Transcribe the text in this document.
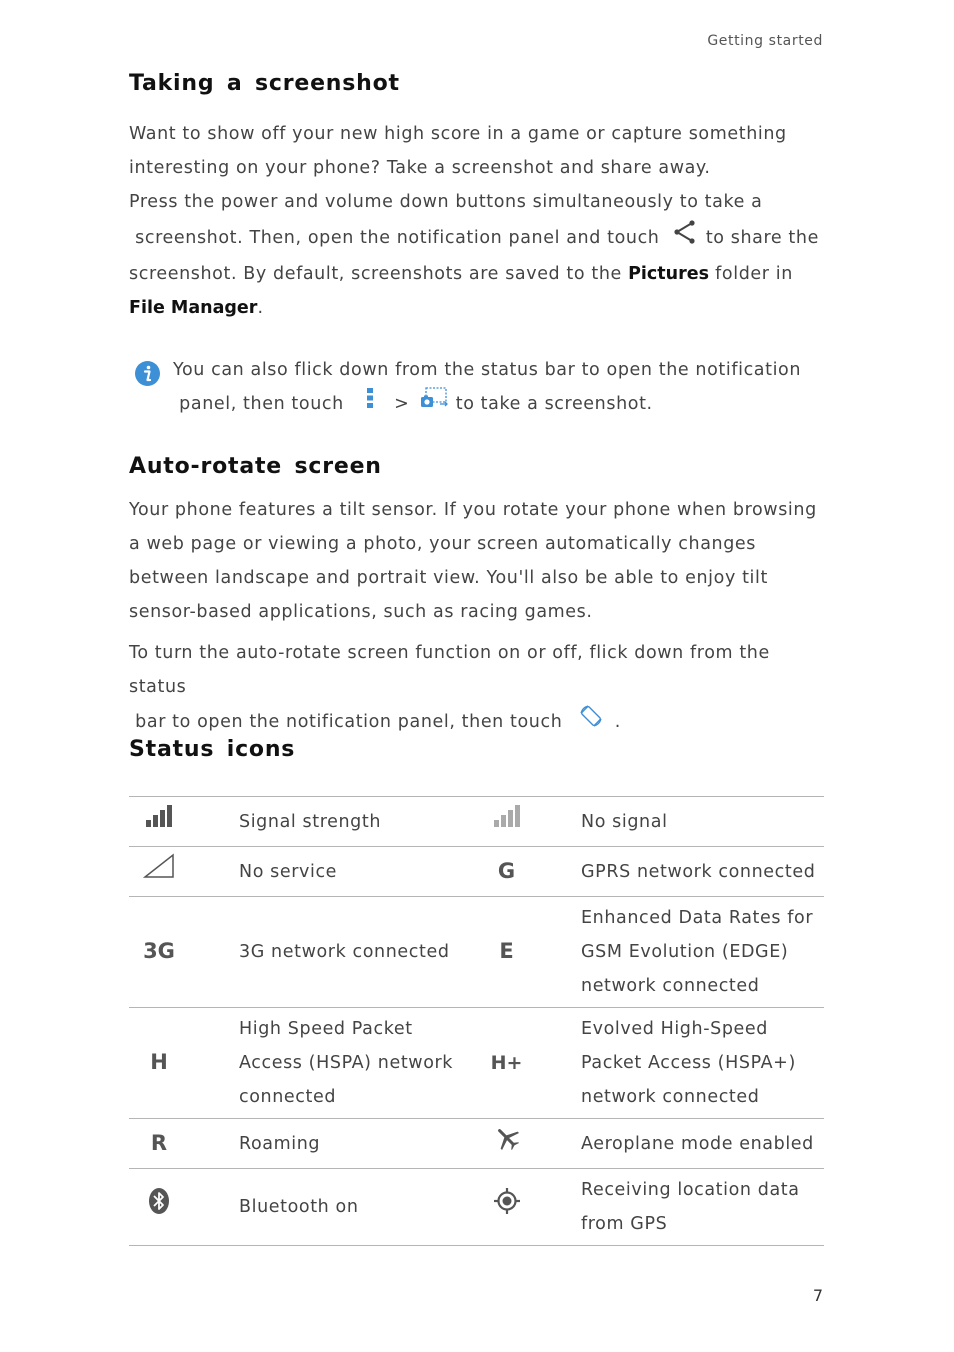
Getting started
Taking a screenshot

Want to show off your new high score in a game or capture something interesting on your phone? Take a screenshot and share away.

Press the power and volume down buttons simultaneously to take a
screenshot. Then, open the notification panel and touch	to share the screenshot. By default, screenshots are saved to the Pictures folder in File Manager.

You can also flick down from the status bar to open the notification
panel, then touch	>	to take a screenshot.

Auto-rotate screen

Your phone features a tilt sensor. If you rotate your phone when browsing a web page or viewing a photo, your screen automatically changes between landscape and portrait view. You'll also be able to enjoy tilt sensor-based applications, such as racing games.

To turn the auto-rotate screen function on or off, flick down from the status
bar to open the notification panel, then touch	.

Status icons
	Signal strength		No signal
	No service	G	GPRS network connected
3G	3G network connected	E	Enhanced Data Rates for GSM Evolution (EDGE) network connected
H	High Speed Packet Access (HSPA) network connected	H+	Evolved High-Speed Packet Access (HSPA+) network connected
R	Roaming		Aeroplane mode enabled
	Bluetooth on		Receiving location data from GPS
7
